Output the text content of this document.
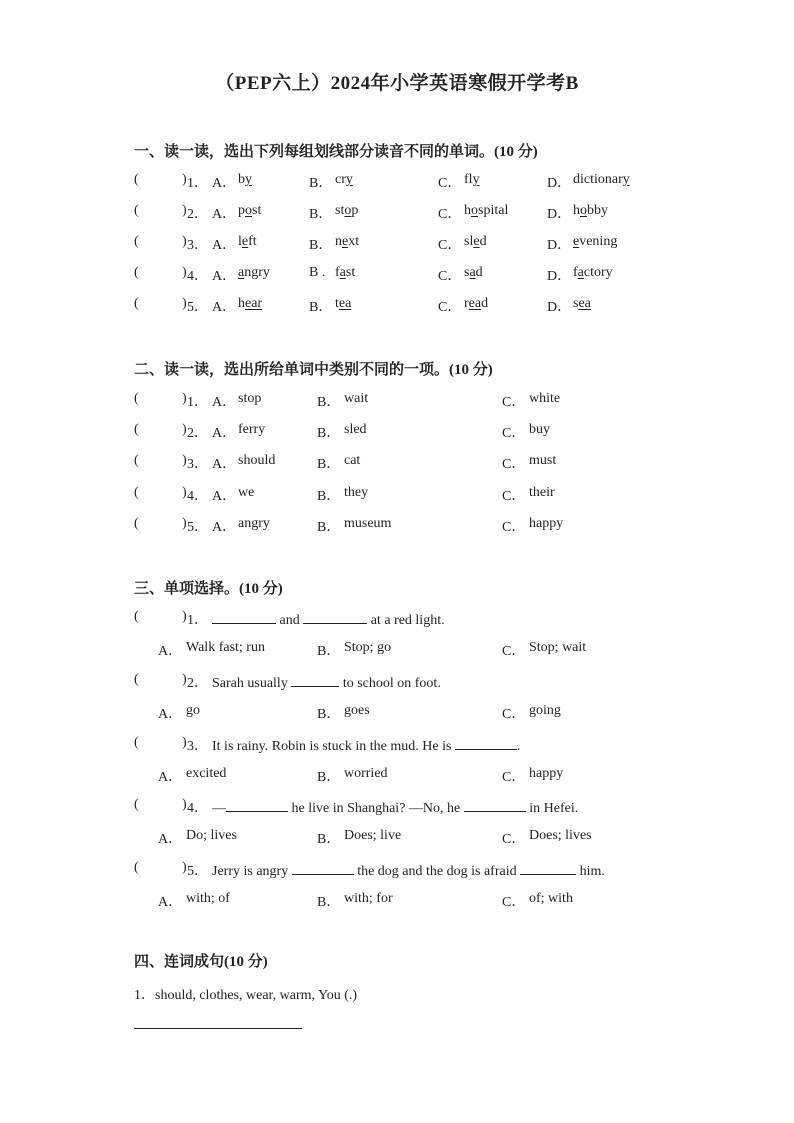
（PEP六上）2024年小学英语寒假开学考B
一、读一读，选出下列每组划线部分读音不同的单词。(10 分)
(	) 1． A． by	B． cry	C． fly	D． dictionary
(	) 2． A． post	B． stop	C． hospital	D． hobby
(	) 3． A． left	B． next	C． sled	D． evening
(	) 4． A． angry	B . fast	C． sad	D． factory
(	) 5． A． hear	B． tea	C． read	D． sea
二、读一读，选出所给单词中类别不同的一项。(10 分)
(	) 1． A． stop	B． wait	C． white
(	) 2． A． ferry	B． sled	C． buy
(	) 3． A． should	B． cat	C． must
(	) 4． A． we	B． they	C． their
(	) 5． A． angry	B． museum	C． happy
三、单项选择。(10 分)
(	) 1．	and	at a red light.
A． Walk fast; run	B． Stop; go	C． Stop; wait
(	) 2． Sarah usually	to school on foot.
A． go	B． goes	C． going
(	) 3． It is rainy. Robin is stuck in the mud. He is	.
A． excited	B． worried	C． happy
(	) 4． —	he live in Shanghai? —No, he	in Hefei.
A． Do; lives	B． Does; live	C． Does; lives
(	) 5． Jerry is angry	the dog and the dog is afraid	him.
A． with; of	B． with; for	C． of; with
四、连词成句(10 分)
1．should, clothes, wear, warm, You (.)
